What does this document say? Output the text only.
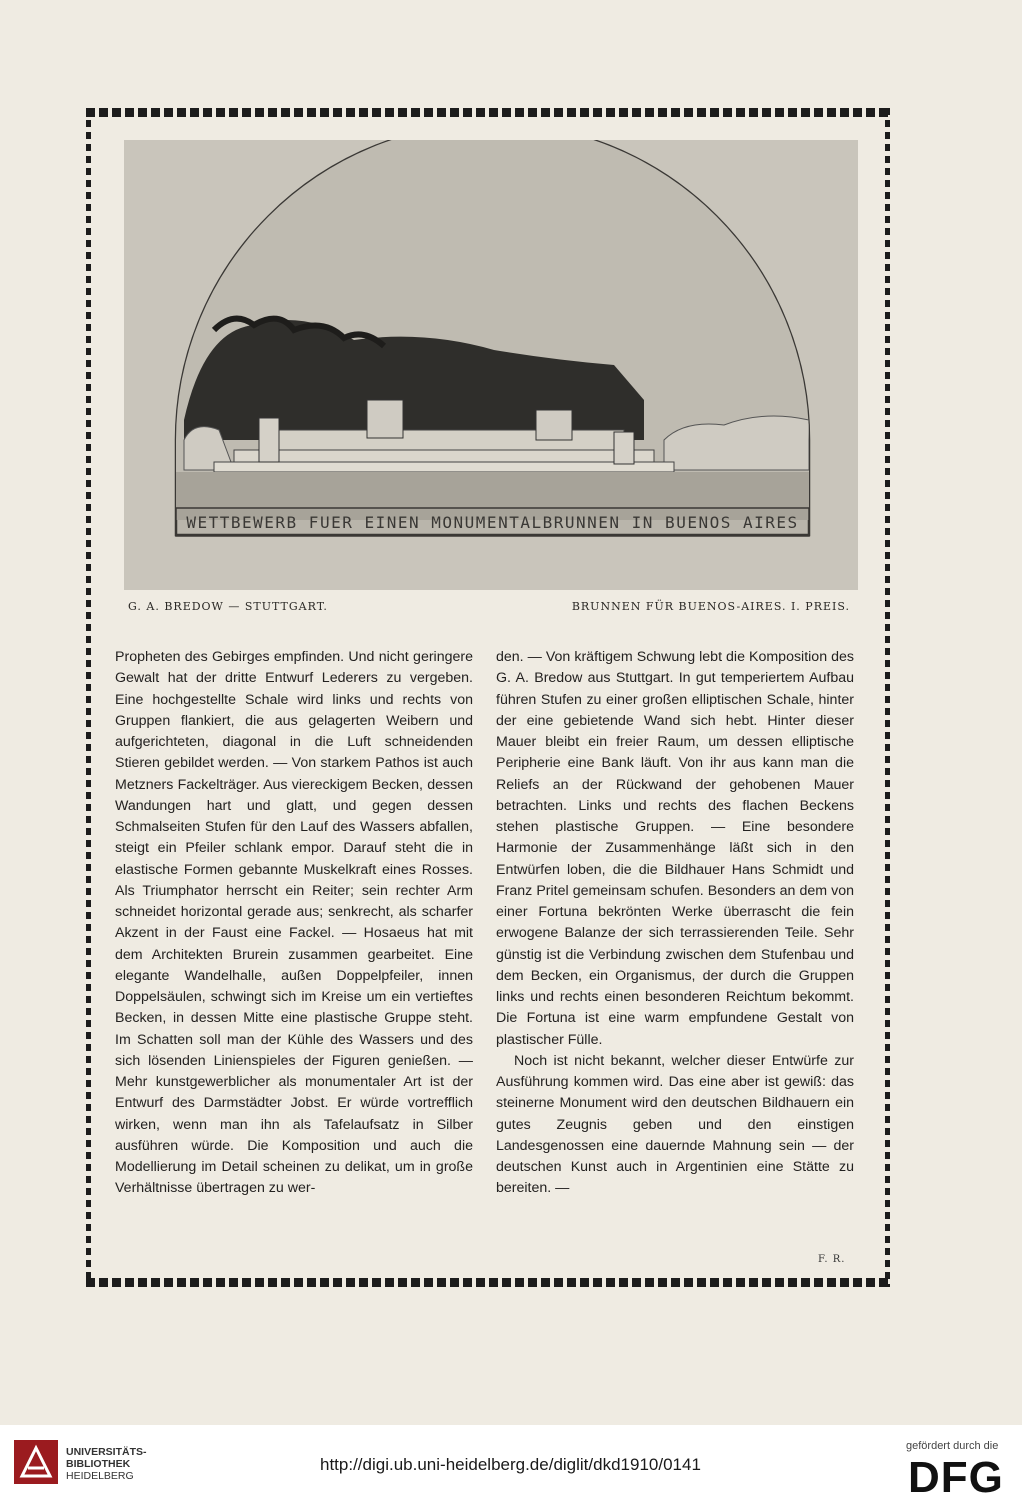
WETTBEWERB FUER EINEN MONUMENTALBRUNNEN IN BUENOS AIRES
G. A. BREDOW — STUTTGART.	BRUNNEN FÜR BUENOS-AIRES. I. PREIS.

Propheten des Gebirges empfinden. Und nicht geringere Gewalt hat der dritte Entwurf Lederers zu vergeben. Eine hochgestellte Schale wird links und rechts von Gruppen flankiert, die aus gelagerten Weibern und aufgerichteten, diagonal in die Luft schneidenden Stieren gebildet werden. — Von starkem Pathos ist auch Metzners Fackelträger. Aus viereckigem Becken, dessen Wandungen hart und glatt, und gegen dessen Schmalseiten Stufen für den Lauf des Wassers abfallen, steigt ein Pfeiler schlank empor. Darauf steht die in elastische Formen gebannte Muskelkraft eines Rosses. Als Triumphator herrscht ein Reiter; sein rechter Arm schneidet horizontal gerade aus; senkrecht, als scharfer Akzent in der Faust eine Fackel. — Hosaeus hat mit dem Architekten Brurein zusammen gearbeitet. Eine elegante Wandelhalle, außen Doppelpfeiler, innen Doppelsäulen, schwingt sich im Kreise um ein vertieftes Becken, in dessen Mitte eine plastische Gruppe steht. Im Schatten soll man der Kühle des Wassers und des sich lösenden Linienspieles der Figuren genießen. — Mehr kunstgewerblicher als monumentaler Art ist der Entwurf des Darmstädter Jobst. Er würde vortrefflich wirken, wenn man ihn als Tafelaufsatz in Silber ausführen würde. Die Komposition und auch die Modellierung im Detail scheinen zu delikat, um in große Verhältnisse übertragen zu wer-

den. — Von kräftigem Schwung lebt die Komposition des G. A. Bredow aus Stuttgart. In gut temperiertem Aufbau führen Stufen zu einer großen elliptischen Schale, hinter der eine gebietende Wand sich hebt. Hinter dieser Mauer bleibt ein freier Raum, um dessen elliptische Peripherie eine Bank läuft. Von ihr aus kann man die Reliefs an der Rückwand der gehobenen Mauer betrachten. Links und rechts des flachen Beckens stehen plastische Gruppen. — Eine besondere Harmonie der Zusammenhänge läßt sich in den Entwürfen loben, die die Bildhauer Hans Schmidt und Franz Pritel gemeinsam schufen. Besonders an dem von einer Fortuna bekrönten Werke überrascht die fein erwogene Balanze der sich terrassierenden Teile. Sehr günstig ist die Verbindung zwischen dem Stufenbau und dem Becken, ein Organismus, der durch die Gruppen links und rechts einen besonderen Reichtum bekommt. Die Fortuna ist eine warm empfundene Gestalt von plastischer Fülle.

Noch ist nicht bekannt, welcher dieser Entwürfe zur Ausführung kommen wird. Das eine aber ist gewiß: das steinerne Monument wird den deutschen Bildhauern ein gutes Zeugnis geben und den einstigen Landesgenossen eine dauernde Mahnung sein — der deutschen Kunst auch in Argentinien eine Stätte zu bereiten. —

F. R.
UNIVERSITÄTS-
BIBLIOTHEK
HEIDELBERG
http://digi.ub.uni-heidelberg.de/diglit/dkd1910/0141
gefördert durch die
DFG
